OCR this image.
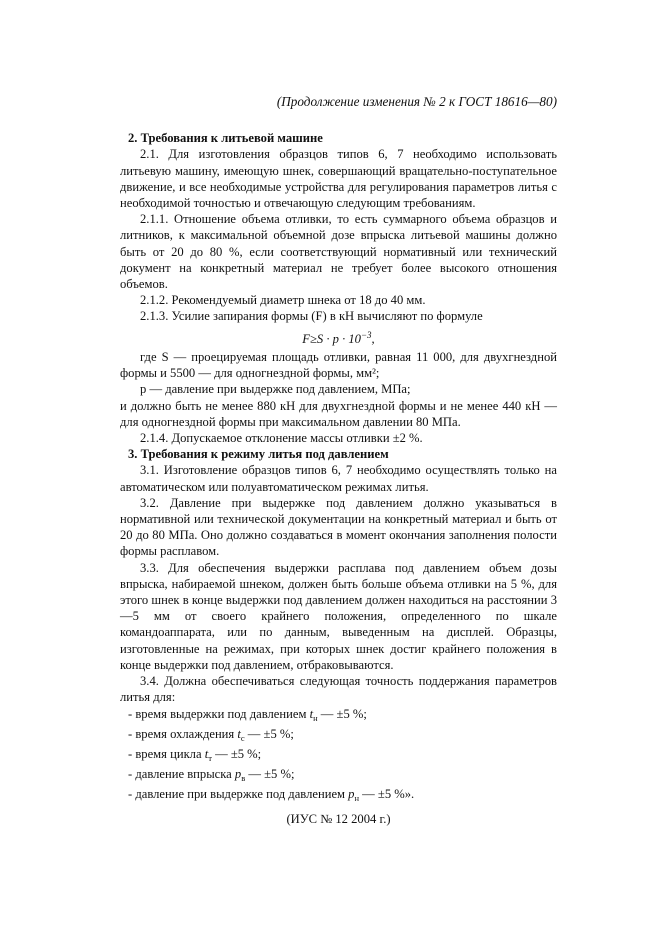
(Продолжение изменения № 2 к ГОСТ 18616—80)

2. Требования к литьевой машине

2.1. Для изготовления образцов типов 6, 7 необходимо использовать литьевую машину, имеющую шнек, совершающий вращательно-поступательное движение, и все необходимые устройства для регулирования параметров литья с необходимой точностью и отвечающую следующим требованиям.

2.1.1. Отношение объема отливки, то есть суммарного объема образцов и литников, к максимальной объемной дозе впрыска литьевой машины должно быть от 20 до 80 %, если соответствующий нормативный или технический документ на конкретный материал не требует более высокого отношения объемов.

2.1.2. Рекомендуемый диаметр шнека от 18 до 40 мм.

2.1.3. Усилие запирания формы (F) в кН вычисляют по формуле

$F\ge S \cdot p \cdot 10^{-3}$,

где S — проецируемая площадь отливки, равная 11 000, для двухгнездной формы и 5500 — для одногнездной формы, мм²;

p — давление при выдержке под давлением, МПа;

и должно быть не менее 880 кН для двухгнездной формы и не менее 440 кН — для одногнездной формы при максимальном давлении 80 МПа.

2.1.4. Допускаемое отклонение массы отливки ±2 %.

3. Требования к режиму литья под давлением

3.1. Изготовление образцов типов 6, 7 необходимо осуществлять только на автоматическом или полуавтоматическом режимах литья.

3.2. Давление при выдержке под давлением должно указываться в нормативной или технической документации на конкретный материал и быть от 20 до 80 МПа. Оно должно создаваться в момент окончания заполнения полости формы расплавом.

3.3. Для обеспечения выдержки расплава под давлением объем дозы впрыска, набираемой шнеком, должен быть больше объема отливки на 5 %, для этого шнек в конце выдержки под давлением должен находиться на расстоянии 3—5 мм от своего крайнего положения, определенного по шкале командоаппарата, или по данным, выведенным на дисплей. Образцы, изготовленные на режимах, при которых шнек достиг крайнего положения в конце выдержки под давлением, отбраковываются.

3.4. Должна обеспечиваться следующая точность поддержания параметров литья для:

- время выдержки под давлением $t_н$ — ±5 %;

- время охлаждения $t_с$ — ±5 %;

- время цикла $t_т$ — ±5 %;

- давление впрыска $p_в$ — ±5 %;

- давление при выдержке под давлением $p_н$ — ±5 %».

(ИУС № 12 2004 г.)
